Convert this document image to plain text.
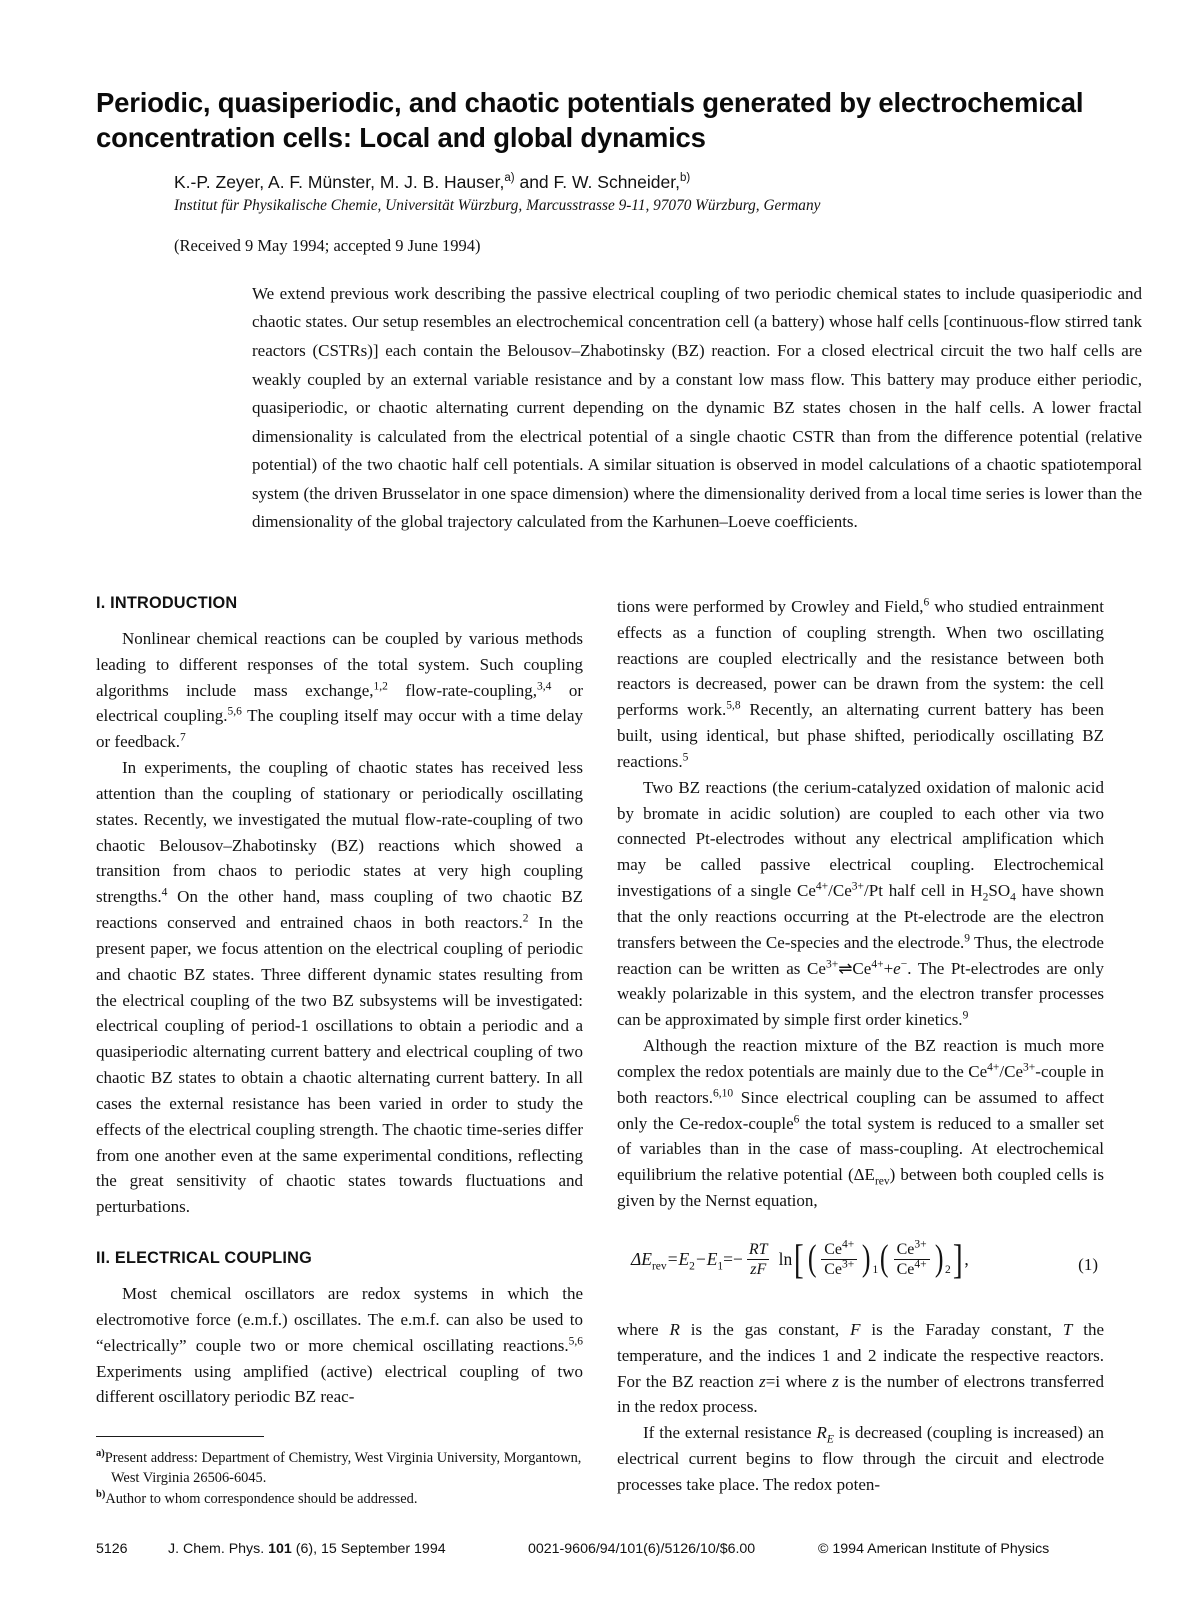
Periodic, quasiperiodic, and chaotic potentials generated by electrochemical concentration cells: Local and global dynamics

K.-P. Zeyer, A. F. Münster, M. J. B. Hauser,$^{a)}$ and F. W. Schneider,$^{b)}$

Institut für Physikalische Chemie, Universität Würzburg, Marcusstrasse 9-11, 97070 Würzburg, Germany

(Received 9 May 1994; accepted 9 June 1994)

We extend previous work describing the passive electrical coupling of two periodic chemical states to include quasiperiodic and chaotic states. Our setup resembles an electrochemical concentration cell (a battery) whose half cells [continuous-flow stirred tank reactors (CSTRs)] each contain the Belousov–Zhabotinsky (BZ) reaction. For a closed electrical circuit the two half cells are weakly coupled by an external variable resistance and by a constant low mass flow. This battery may produce either periodic, quasiperiodic, or chaotic alternating current depending on the dynamic BZ states chosen in the half cells. A lower fractal dimensionality is calculated from the electrical potential of a single chaotic CSTR than from the difference potential (relative potential) of the two chaotic half cell potentials. A similar situation is observed in model calculations of a chaotic spatiotemporal system (the driven Brusselator in one space dimension) where the dimensionality derived from a local time series is lower than the dimensionality of the global trajectory calculated from the Karhunen–Loeve coefficients.

I. INTRODUCTION

Nonlinear chemical reactions can be coupled by various methods leading to different responses of the total system. Such coupling algorithms include mass exchange,$^{1,2}$ flow-rate-coupling,$^{3,4}$ or electrical coupling.$^{5,6}$ The coupling itself may occur with a time delay or feedback.$^7$

In experiments, the coupling of chaotic states has received less attention than the coupling of stationary or periodically oscillating states. Recently, we investigated the mutual flow-rate-coupling of two chaotic Belousov–Zhabotinsky (BZ) reactions which showed a transition from chaos to periodic states at very high coupling strengths.$^4$ On the other hand, mass coupling of two chaotic BZ reactions conserved and entrained chaos in both reactors.$^2$ In the present paper, we focus attention on the electrical coupling of periodic and chaotic BZ states. Three different dynamic states resulting from the electrical coupling of the two BZ subsystems will be investigated: electrical coupling of period-1 oscillations to obtain a periodic and a quasiperiodic alternating current battery and electrical coupling of two chaotic BZ states to obtain a chaotic alternating current battery. In all cases the external resistance has been varied in order to study the effects of the electrical coupling strength. The chaotic time-series differ from one another even at the same experimental conditions, reflecting the great sensitivity of chaotic states towards fluctuations and perturbations.

II. ELECTRICAL COUPLING

Most chemical oscillators are redox systems in which the electromotive force (e.m.f.) oscillates. The e.m.f. can also be used to “electrically” couple two or more chemical oscillating reactions.$^{5,6}$ Experiments using amplified (active) electrical coupling of two different oscillatory periodic BZ reac-

tions were performed by Crowley and Field,$^6$ who studied entrainment effects as a function of coupling strength. When two oscillating reactions are coupled electrically and the resistance between both reactors is decreased, power can be drawn from the system: the cell performs work.$^{5,8}$ Recently, an alternating current battery has been built, using identical, but phase shifted, periodically oscillating BZ reactions.$^5$

Two BZ reactions (the cerium-catalyzed oxidation of malonic acid by bromate in acidic solution) are coupled to each other via two connected Pt-electrodes without any electrical amplification which may be called passive electrical coupling. Electrochemical investigations of a single Ce$^{4+}$/Ce$^{3+}$/Pt half cell in $H_2SO_4$ have shown that the only reactions occurring at the Pt-electrode are the electron transfers between the Ce-species and the electrode.$^9$ Thus, the electrode reaction can be written as Ce$^{3+}$⇌Ce$^{4+}$+e−. The Pt-electrodes are only weakly polarizable in this system, and the electron transfer processes can be approximated by simple first order kinetics.$^9$

Although the reaction mixture of the BZ reaction is much more complex the redox potentials are mainly due to the Ce$^{4+}$/Ce$^{3+}$-couple in both reactors.$^{6,10}$ Since electrical coupling can be assumed to affect only the Ce-redox-couple$^6$ the total system is reduced to a smaller set of variables than in the case of mass-coupling. At electrochemical equilibrium the relative potential $(\Delta E_{rev})$ between both coupled cells is given by the Nernst equation,

$\Delta E_{rev} =E_2 -E_1 =- \frac{RT}{zF}$ ln [ ( $\frac{Ce^{4+}}{Ce^{3+}}$ ) 1 ( $\frac{Ce^{3+}}{Ce^{4+}}$ ) 2 ] ,	(1)

where R is the gas constant, F is the Faraday constant, T the temperature, and the indices 1 and 2 indicate the respective reactors. For the BZ reaction z=i where z is the number of electrons transferred in the redox process.

If the external resistance $R_E$ is decreased (coupling is increased) an electrical current begins to flow through the circuit and electrode processes take place. The redox poten-

$^{a)}$Present address: Department of Chemistry, West Virginia University, Morgantown, West Virginia 26506-6045.

$^{b)}$Author to whom correspondence should be addressed.

5126	J. Chem. Phys. 101 (6), 15 September 1994	0021-9606/94/101(6)/5126/10/$6.00	© 1994 American Institute of Physics
